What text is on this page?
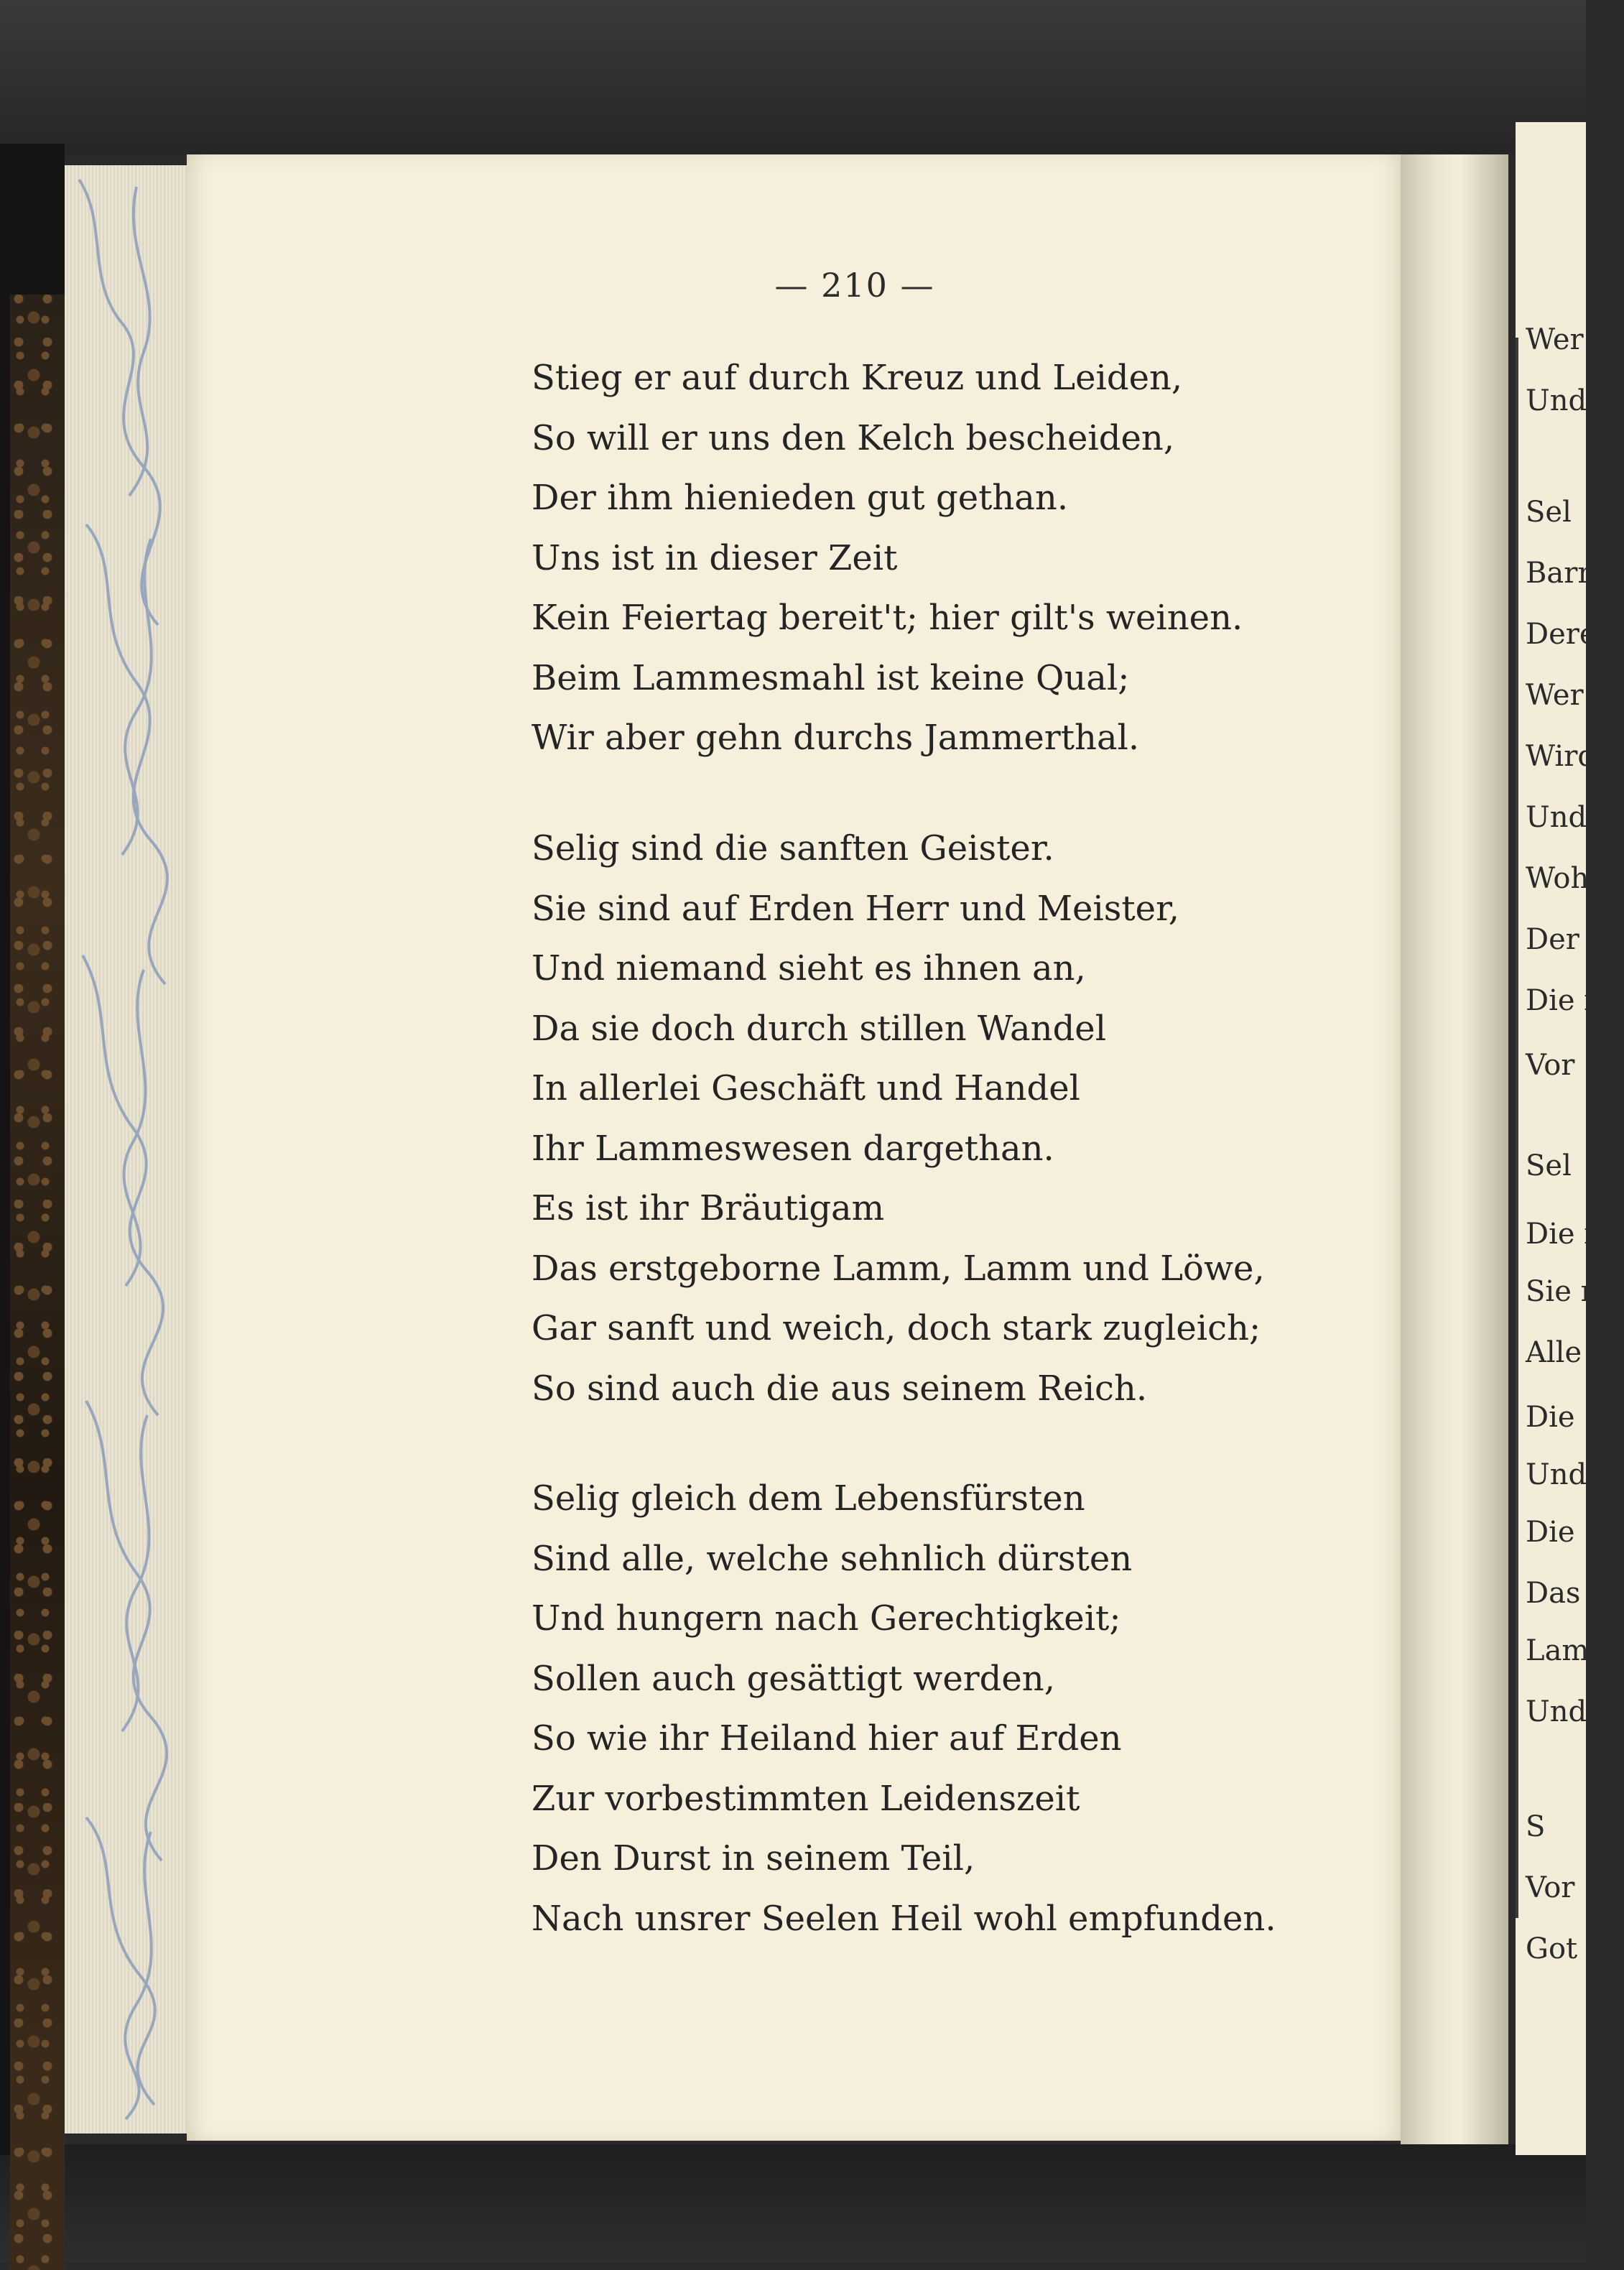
Wer i
Und
Sel
Barm
Derein
Wer e
Wird
Und t
Wohl
Der h
Die f
Vor
Sel
Die ih
Sie r
Alle
Die
Und
Die
Das
Lam
Und
S
Vor
Got
— 210 —
Stieg er auf durch Kreuz und Leiden,
So will er uns den Kelch bescheiden,
Der ihm hienieden gut gethan.
Uns ist in dieser Zeit
Kein Feiertag bereit't; hier gilt's weinen.
Beim Lammesmahl ist keine Qual;
Wir aber gehn durchs Jammerthal.
Selig sind die sanften Geister.
Sie sind auf Erden Herr und Meister,
Und niemand sieht es ihnen an,
Da sie doch durch stillen Wandel
In allerlei Geschäft und Handel
Ihr Lammeswesen dargethan.
Es ist ihr Bräutigam
Das erstgeborne Lamm, Lamm und Löwe,
Gar sanft und weich, doch stark zugleich;
So sind auch die aus seinem Reich.
Selig gleich dem Lebensfürsten
Sind alle, welche sehnlich dürsten
Und hungern nach Gerechtigkeit;
Sollen auch gesättigt werden,
So wie ihr Heiland hier auf Erden
Zur vorbestimmten Leidenszeit
Den Durst in seinem Teil,
Nach unsrer Seelen Heil wohl empfunden.
